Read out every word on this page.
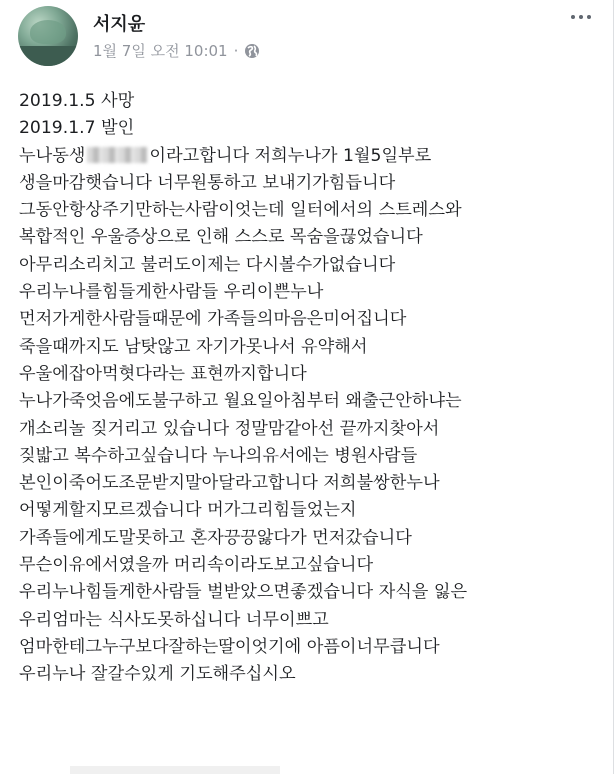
서지윤
1월 7일 오전 10:01 ·
2019.1.5 사망
2019.1.7 발인
누나동생	이라고합니다 저희누나가 1월5일부로
생을마감햇습니다 너무원통하고 보내기가힘듭니다
그동안항상주기만하는사람이엇는데 일터에서의 스트레스와
복합적인 우울증상으로 인해 스스로 목숨을끊었습니다
아무리소리치고 불러도이제는 다시볼수가없습니다
우리누나를힘들게한사람들 우리이쁜누나
먼저가게한사람들때문에 가족들의마음은미어집니다
죽을때까지도 남탓않고 자기가못나서 유약해서
우울에잡아먹혓다라는 표현까지합니다
누나가죽엇음에도불구하고 월요일아침부터 왜출근안하냐는
개소리놀 짖거리고 있습니다 정말맘같아선 끝까지찾아서
짖밟고 복수하고싶습니다 누나의유서에는 병원사람들
본인이죽어도조문받지말아달라고합니다 저희불쌍한누나
어떻게할지모르겠습니다 머가그리힘들었는지
가족들에게도말못하고 혼자끙끙앓다가 먼저갔습니다
무슨이유에서였을까 머리속이라도보고싶습니다
우리누나힘들게한사람들 벌받았으면좋겠습니다 자식을 잃은
우리엄마는 식사도못하십니다 너무이쁘고
엄마한테그누구보다잘하는딸이엇기에 아픔이너무큽니다
우리누나 잘갈수있게 기도해주십시오
